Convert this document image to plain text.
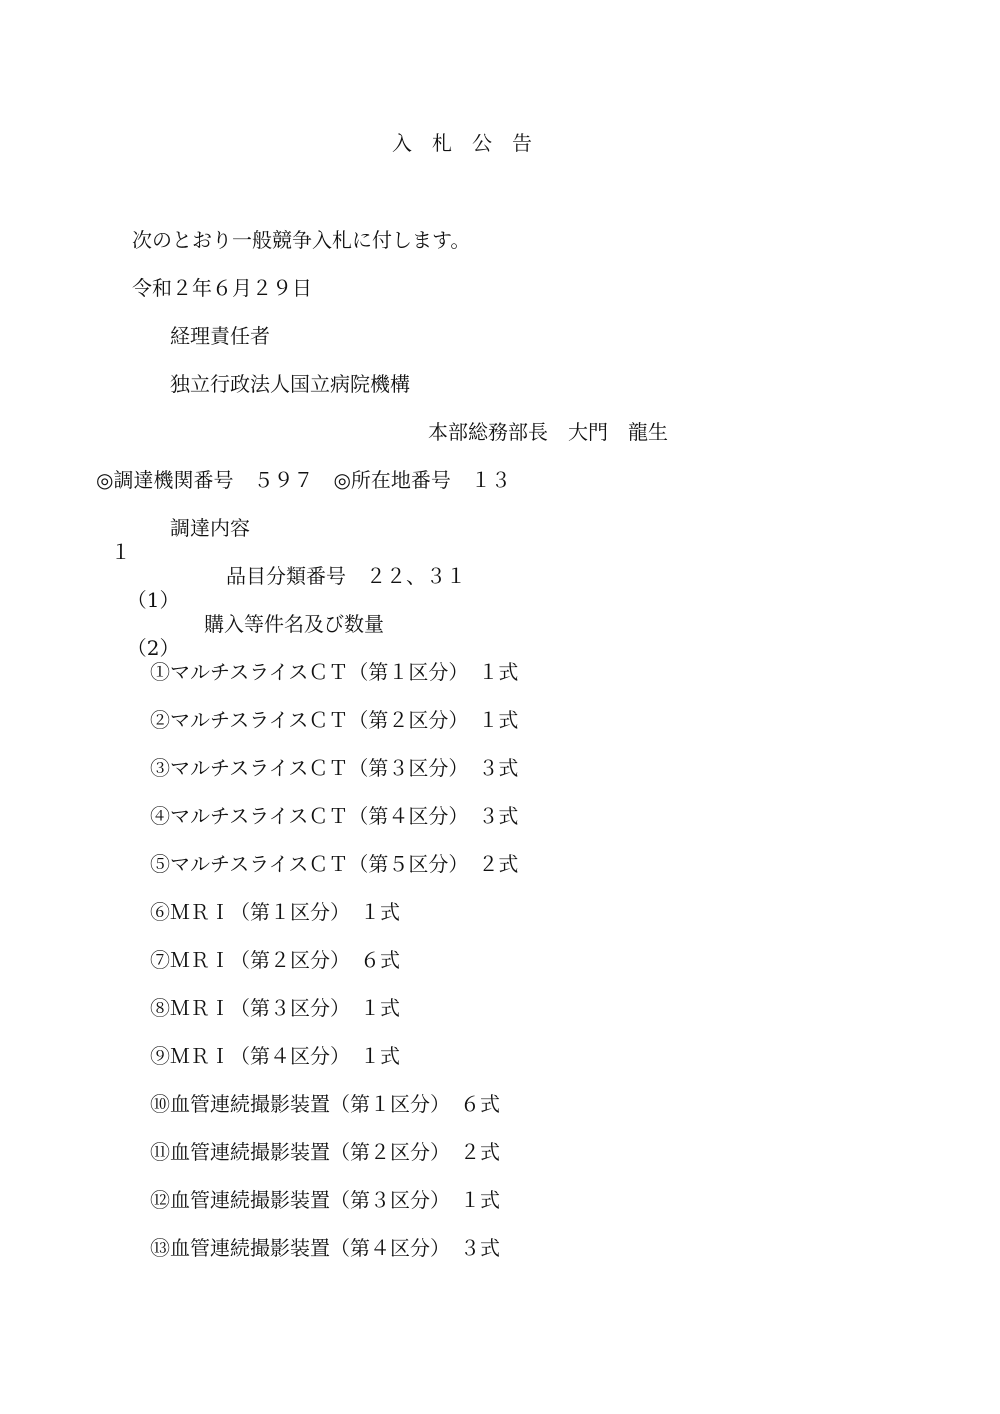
入　札　公　告
次のとおり一般競争入札に付します。
令和２年６月２９日
経理責任者
独立行政法人国立病院機構
本部総務部長　大門　龍生
◎調達機関番号　５９７　◎所在地番号　１３

１

調達内容

（1）

品目分類番号　２２、３１

（2）

購入等件名及び数量

①マルチスライスＣＴ（第１区分）　１式
②マルチスライスＣＴ（第２区分）　１式
③マルチスライスＣＴ（第３区分）　３式
④マルチスライスＣＴ（第４区分）　３式
⑤マルチスライスＣＴ（第５区分）　２式
⑥ＭＲＩ（第１区分）　１式
⑦ＭＲＩ（第２区分）　６式
⑧ＭＲＩ（第３区分）　１式
⑨ＭＲＩ（第４区分）　１式
⑩血管連続撮影装置（第１区分）　６式
⑪血管連続撮影装置（第２区分）　２式
⑫血管連続撮影装置（第３区分）　１式
⑬血管連続撮影装置（第４区分）　３式
